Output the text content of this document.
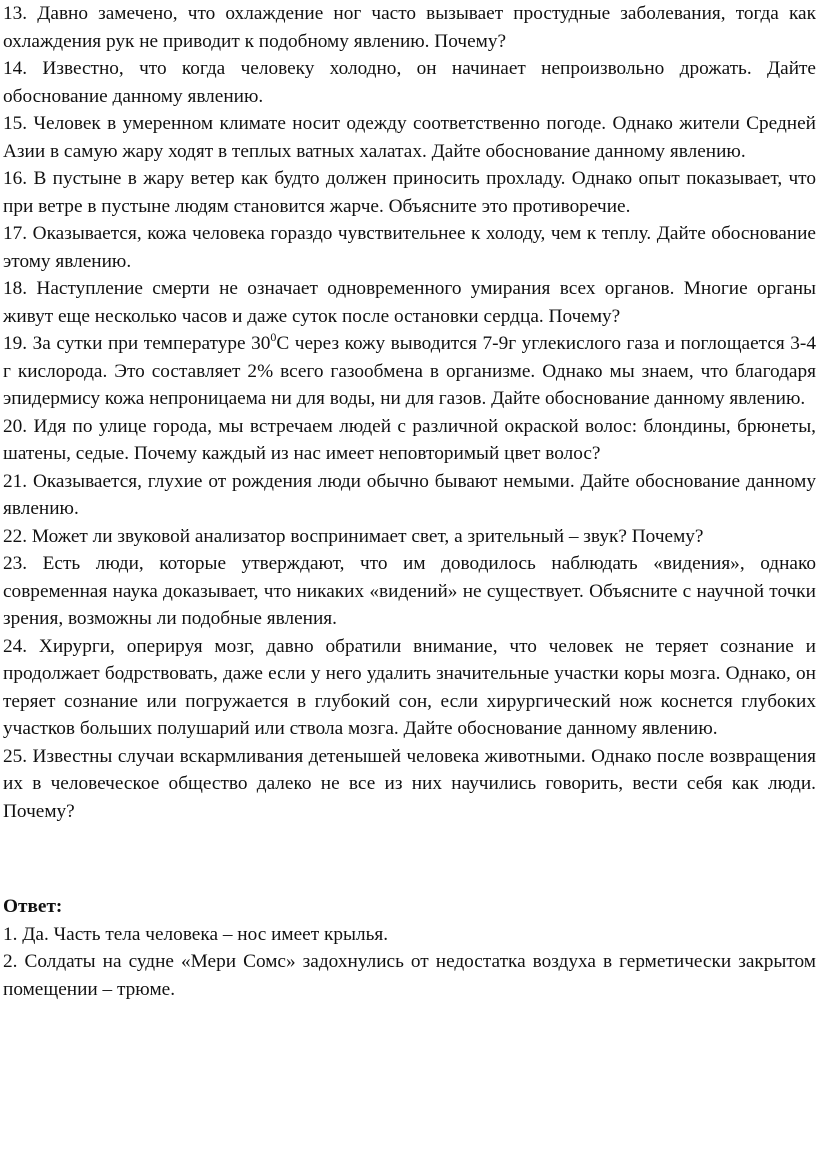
13. Давно замечено, что охлаждение ног часто вызывает простудные заболевания, тогда как охлаждения рук не приводит к подобному явлению. Почему?

14. Известно, что когда человеку холодно, он начинает непроизвольно дрожать. Дайте обоснование данному явлению.

15. Человек в умеренном климате носит одежду соответственно погоде. Однако жители Средней Азии в самую жару ходят в теплых ватных халатах. Дайте обоснование данному явлению.

16. В пустыне в жару ветер как будто должен приносить прохладу. Однако опыт показывает, что при ветре в пустыне людям становится жарче. Объясните это противоречие.

17. Оказывается, кожа человека гораздо чувствительнее к холоду, чем к теплу. Дайте обоснование этому явлению.

18. Наступление смерти не означает одновременного умирания всех органов. Многие органы живут еще несколько часов и даже суток после остановки сердца. Почему?

19. За сутки при температуре $30^0С$ через кожу выводится 7-9г углекислого газа и поглощается 3-4 г кислорода. Это составляет 2% всего газообмена в организме. Однако мы знаем, что благодаря эпидермису кожа непроницаема ни для воды, ни для газов. Дайте обоснование данному явлению.

20. Идя по улице города, мы встречаем людей с различной окраской волос: блондины, брюнеты, шатены, седые. Почему каждый из нас имеет неповторимый цвет волос?

21. Оказывается, глухие от рождения люди обычно бывают немыми. Дайте обоснование данному явлению.

22. Может ли звуковой анализатор воспринимает свет, а зрительный – звук? Почему?

23. Есть люди, которые утверждают, что им доводилось наблюдать «видения», однако современная наука доказывает, что никаких «видений» не существует. Объясните с научной точки зрения, возможны ли подобные явления.

24. Хирурги, оперируя мозг, давно обратили внимание, что человек не теряет сознание и продолжает бодрствовать, даже если у него удалить значительные участки коры мозга. Однако, он теряет сознание или погружается в глубокий сон, если хирургический нож коснется глубоких участков больших полушарий или ствола мозга. Дайте обоснование данному явлению.

25. Известны случаи вскармливания детенышей человека животными. Однако после возвращения их в человеческое общество далеко не все из них научились говорить, вести себя как люди. Почему?

Ответ:

1. Да. Часть тела человека – нос имеет крылья.

2. Солдаты на судне «Мери Сомс» задохнулись от недостатка воздуха в герметически закрытом помещении – трюме.
